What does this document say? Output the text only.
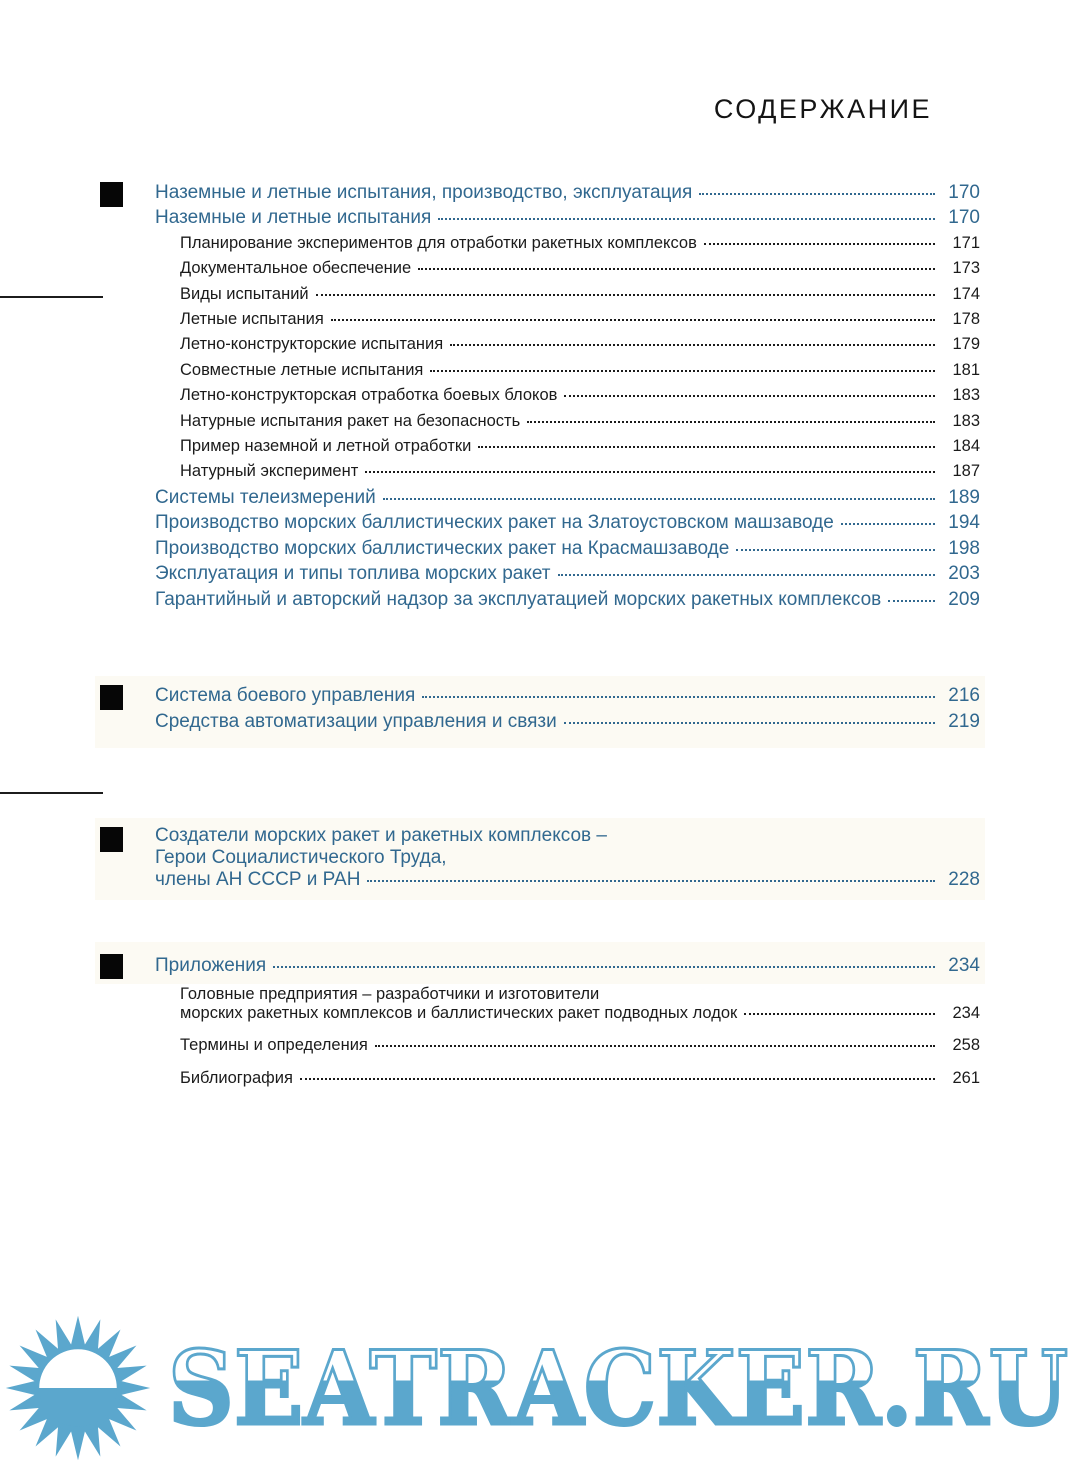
СОДЕРЖАНИЕ
Наземные и летные испытания, производство, эксплуатация	170
Наземные и летные испытания	170
Планирование экспериментов для отработки ракетных комплексов	171
Документальное обеспечение	173
Виды испытаний	174
Летные испытания	178
Летно-конструкторские испытания	179
Совместные летные испытания	181
Летно-конструкторская отработка боевых блоков	183
Натурные испытания ракет на безопасность	183
Пример наземной и летной отработки	184
Натурный эксперимент	187
Системы телеизмерений	189
Производство морских баллистических ракет на Златоустовском машзаводе	194
Производство морских баллистических ракет на Красмашзаводе	198
Эксплуатация и типы топлива морских ракет	203
Гарантийный и авторский надзор за эксплуатацией морских ракетных комплексов	209
Система боевого управления	216
Средства автоматизации управления и связи	219
Создатели морских ракет и ракетных комплексов –
Герои Социалистического Труда,
члены АН СССР и РАН	228
Приложения	234
Головные предприятия – разработчики и изготовители
морских ракетных комплексов и баллистических ракет подводных лодок	234
Термины и определения	258
Библиография	261
SEATRACKER.RU
